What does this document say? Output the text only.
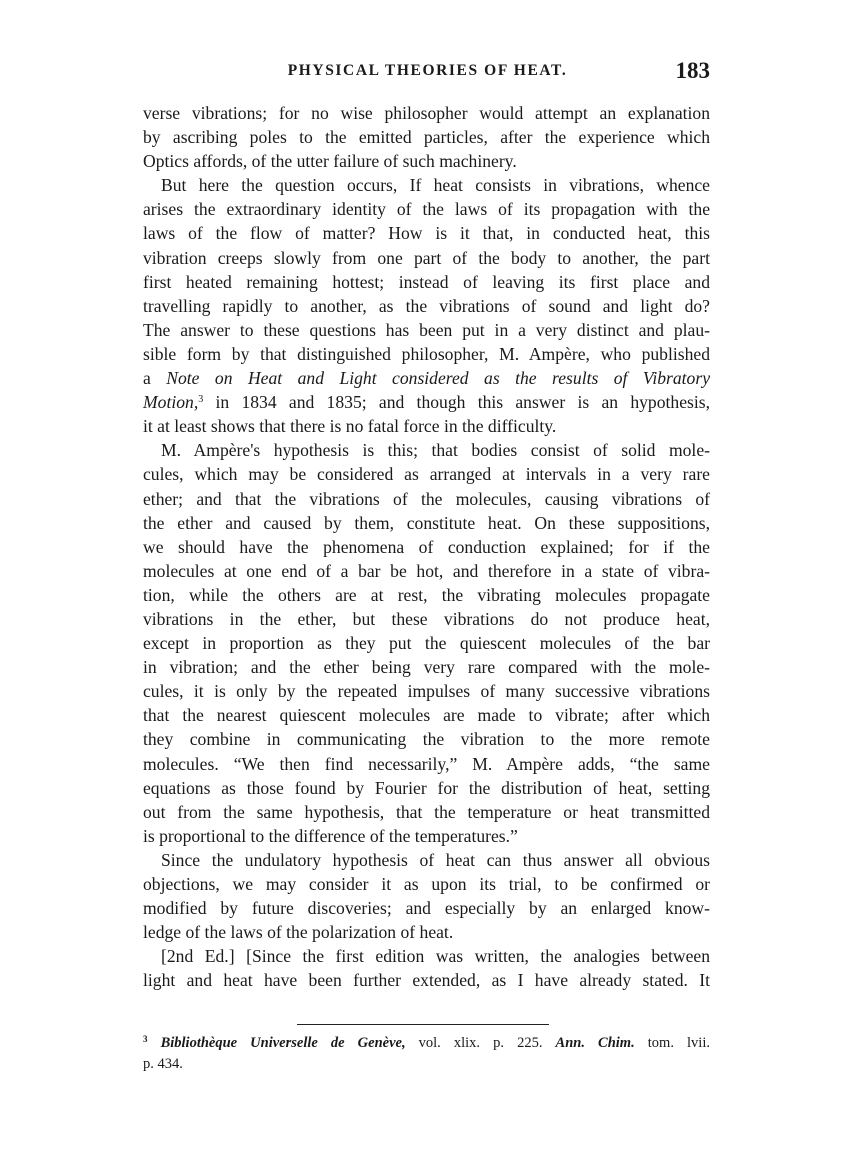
PHYSICAL THEORIES OF HEAT.	183

verse vibrations; for no wise philosopher would attempt an explanation
by ascribing poles to the emitted particles, after the experience which
Optics affords, of the utter failure of such machinery.

But here the question occurs, If heat consists in vibrations, whence
arises the extraordinary identity of the laws of its propagation with the
laws of the flow of matter? How is it that, in conducted heat, this
vibration creeps slowly from one part of the body to another, the part
first heated remaining hottest; instead of leaving its first place and
travelling rapidly to another, as the vibrations of sound and light do?
The answer to these questions has been put in a very distinct and plau-
sible form by that distinguished philosopher, M. Ampère, who published
a Note on Heat and Light considered as the results of Vibratory
Motion,$^3$ in 1834 and 1835; and though this answer is an hypothesis,
it at least shows that there is no fatal force in the difficulty.

M. Ampère's hypothesis is this; that bodies consist of solid mole-
cules, which may be considered as arranged at intervals in a very rare
ether; and that the vibrations of the molecules, causing vibrations of
the ether and caused by them, constitute heat. On these suppositions,
we should have the phenomena of conduction explained; for if the
molecules at one end of a bar be hot, and therefore in a state of vibra-
tion, while the others are at rest, the vibrating molecules propagate
vibrations in the ether, but these vibrations do not produce heat,
except in proportion as they put the quiescent molecules of the bar
in vibration; and the ether being very rare compared with the mole-
cules, it is only by the repeated impulses of many successive vibrations
that the nearest quiescent molecules are made to vibrate; after which
they combine in communicating the vibration to the more remote
molecules. “We then find necessarily,” M. Ampère adds, “the same
equations as those found by Fourier for the distribution of heat, setting
out from the same hypothesis, that the temperature or heat transmitted
is proportional to the difference of the temperatures.”

Since the undulatory hypothesis of heat can thus answer all obvious
objections, we may consider it as upon its trial, to be confirmed or
modified by future discoveries; and especially by an enlarged know-
ledge of the laws of the polarization of heat.

[2nd Ed.] [Since the first edition was written, the analogies between
light and heat have been further extended, as I have already stated. It

$^3$ Bibliothèque Universelle de Genève, vol. xlix. p. 225. Ann. Chim. tom. lvii.
p. 434.
